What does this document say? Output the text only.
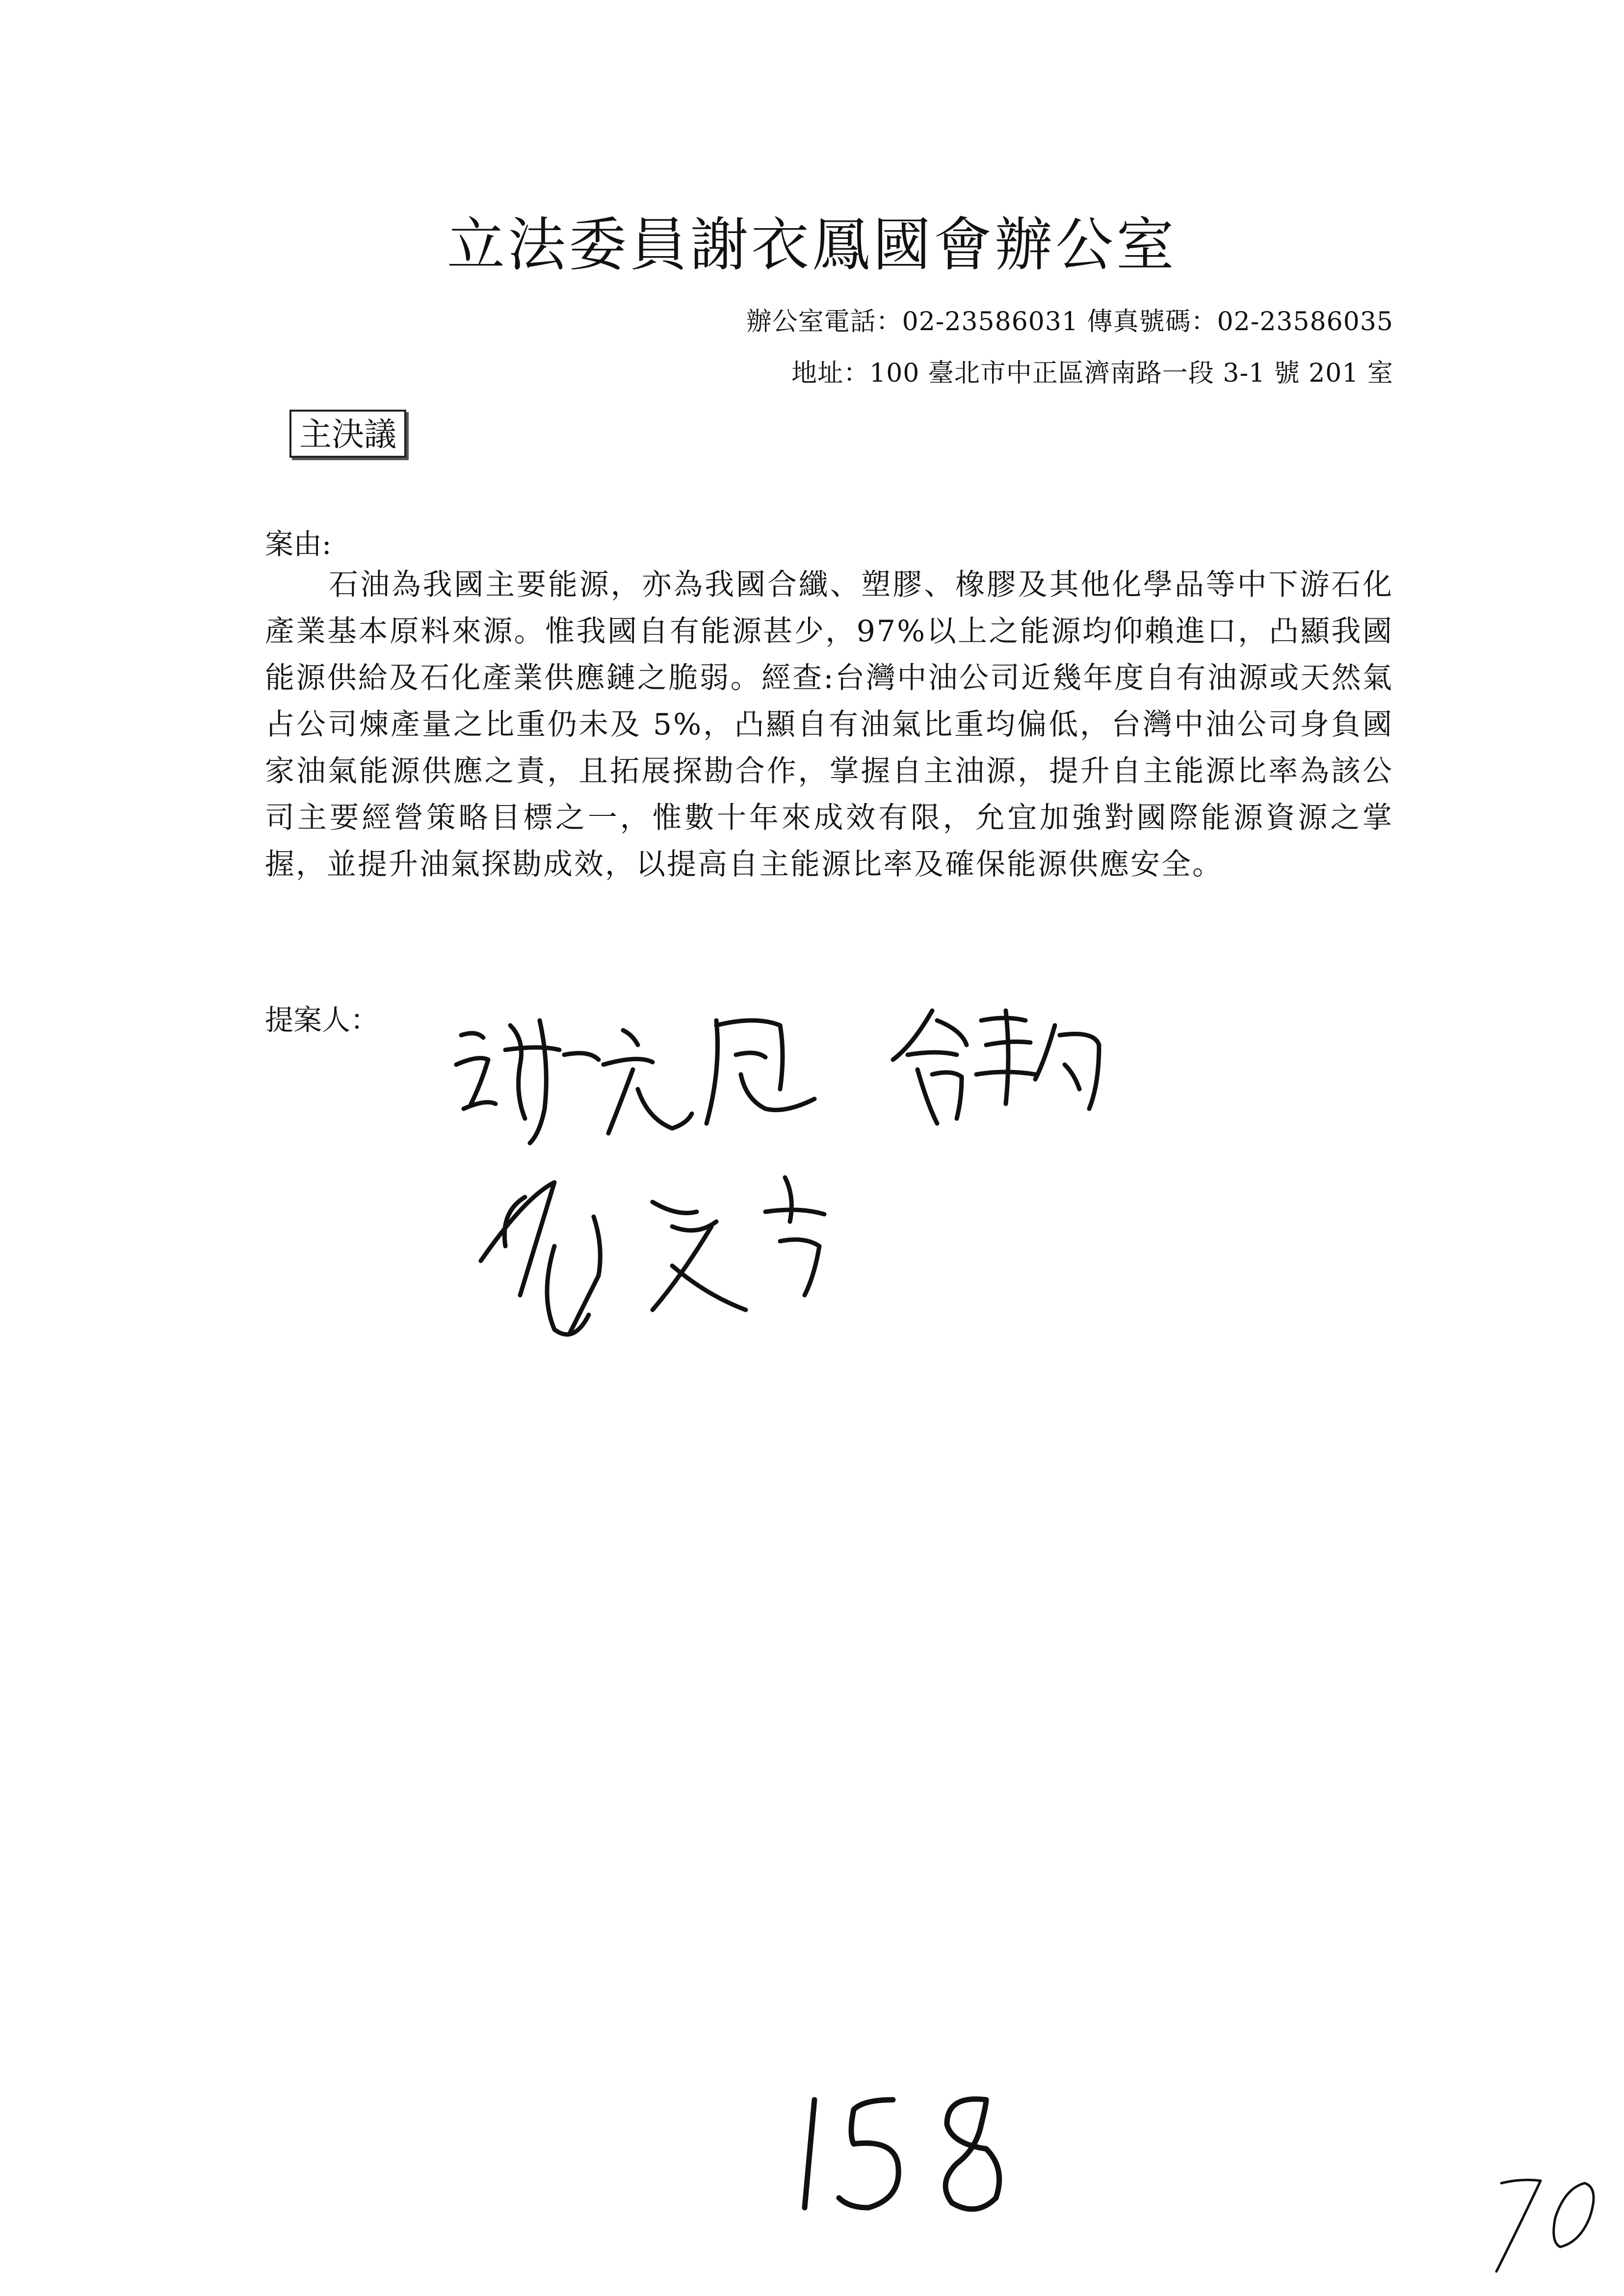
立法委員謝衣鳳國會辦公室
辦公室電話：02-23586031 傳真號碼：02-23586035
地址：100 臺北市中正區濟南路一段 3-1 號 201 室
主決議
案由:
石油為我國主要能源，亦為我國合纖、塑膠、橡膠及其他化學品等中下游石化產業基本原料來源。惟我國自有能源甚少，97%以上之能源均仰賴進口，凸顯我國能源供給及石化產業供應鏈之脆弱。經查:台灣中油公司近幾年度自有油源或天然氣占公司煉產量之比重仍未及 5%，凸顯自有油氣比重均偏低，台灣中油公司身負國家油氣能源供應之責，且拓展探勘合作，掌握自主油源，提升自主能源比率為該公司主要經營策略目標之一，惟數十年來成效有限，允宜加強對國際能源資源之掌握，並提升油氣探勘成效，以提高自主能源比率及確保能源供應安全。
提案人：
